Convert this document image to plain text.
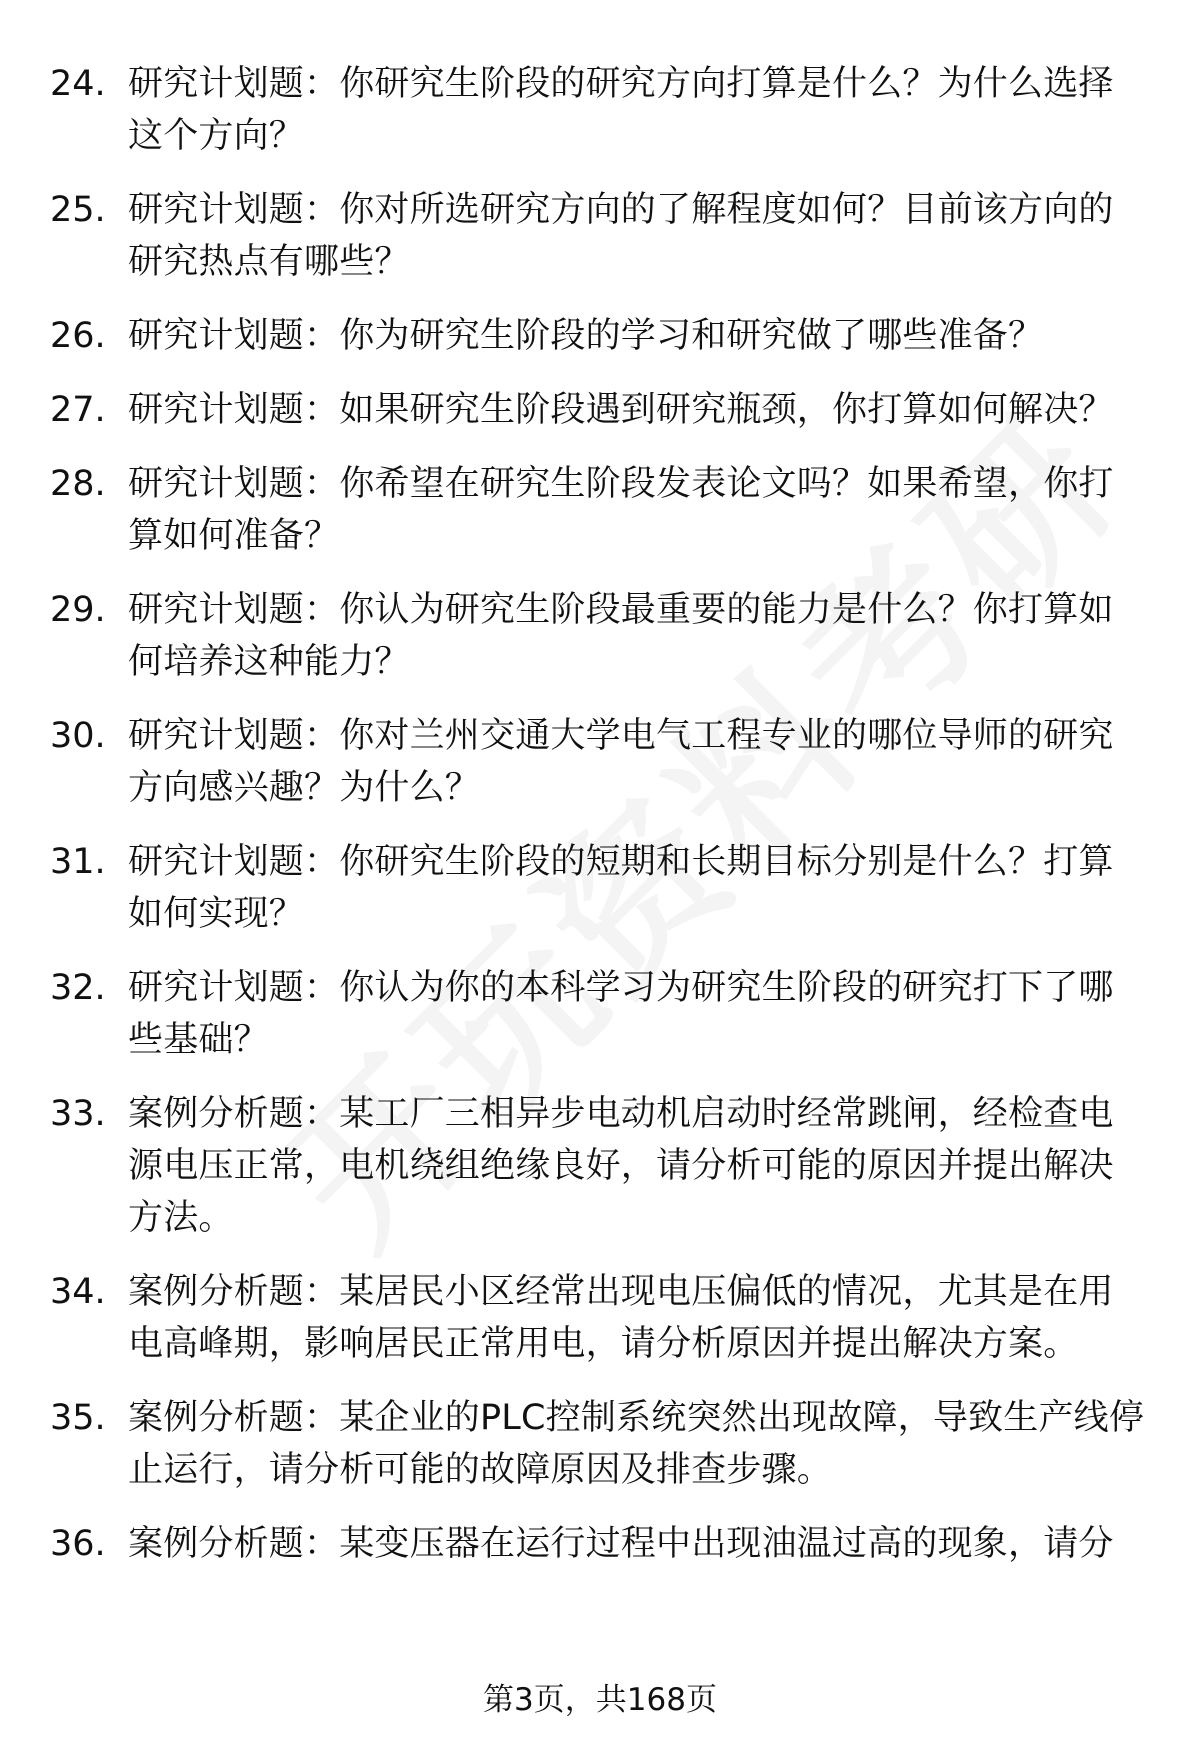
24. 研究计划题：你研究生阶段的研究方向打算是什么？为什么选择这个方向？
25. 研究计划题：你对所选研究方向的了解程度如何？目前该方向的研究热点有哪些？
26. 研究计划题：你为研究生阶段的学习和研究做了哪些准备？
27. 研究计划题：如果研究生阶段遇到研究瓶颈，你打算如何解决？
28. 研究计划题：你希望在研究生阶段发表论文吗？如果希望，你打算如何准备？
29. 研究计划题：你认为研究生阶段最重要的能力是什么？你打算如何培养这种能力？
30. 研究计划题：你对兰州交通大学电气工程专业的哪位导师的研究方向感兴趣？为什么？
31. 研究计划题：你研究生阶段的短期和长期目标分别是什么？打算如何实现？
32. 研究计划题：你认为你的本科学习为研究生阶段的研究打下了哪些基础？
33. 案例分析题：某工厂三相异步电动机启动时经常跳闸，经检查电源电压正常，电机绕组绝缘良好，请分析可能的原因并提出解决方法。
34. 案例分析题：某居民小区经常出现电压偏低的情况，尤其是在用电高峰期，影响居民正常用电，请分析原因并提出解决方案。
35. 案例分析题：某企业的PLC控制系统突然出现故障，导致生产线停止运行，请分析可能的故障原因及排查步骤。
36. 案例分析题：某变压器在运行过程中出现油温过高的现象，请分
第3页，共168页
